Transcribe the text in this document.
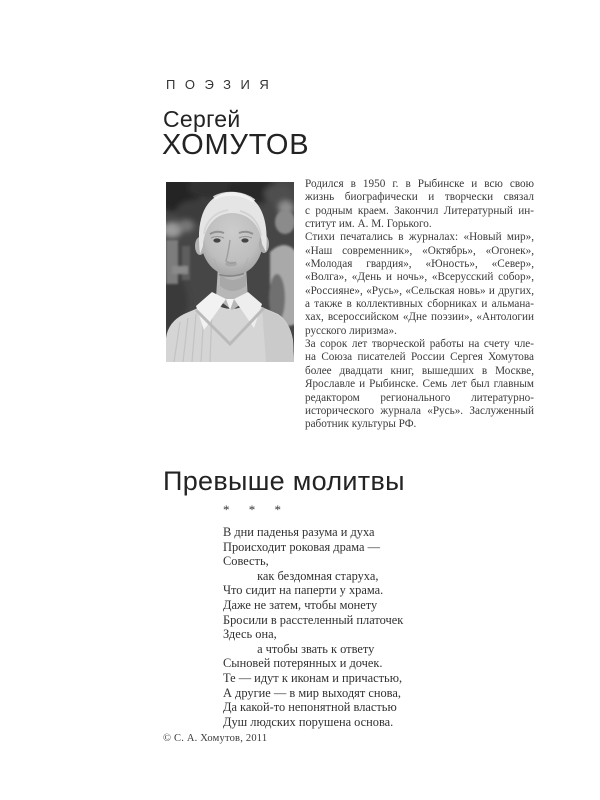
ПОЭЗИЯ
Сергей
ХОМУТОВ
Родился в 1950 г. в Рыбинске и всю свою
жизнь биографически и творчески связал
с родным краем. Закончил Литературный ин-
ститут им. А. М. Горького.
Стихи печатались в журналах: «Новый мир»,
«Наш современник», «Октябрь», «Огонек»,
«Молодая гвардия», «Юность», «Север»,
«Волга», «День и ночь», «Всерусский собор»,
«Россияне», «Русь», «Сельская новь» и других,
а также в коллективных сборниках и альмана-
хах, всероссийском «Дне поэзии», «Антологии
русского лиризма».
За сорок лет творческой работы на счету чле-
на Союза писателей России Сергея Хомутова
более двадцати книг, вышедших в Москве,
Ярославле и Рыбинске. Семь лет был главным
редактором регионального литературно-
исторического журнала «Русь». Заслуженный
работник культуры РФ.
Превыше молитвы
* * *
В дни паденья разума и духа
Происходит роковая драма —
Совесть,
как бездомная старуха,
Что сидит на паперти у храма.
Даже не затем, чтобы монету
Бросили в расстеленный платочек
Здесь она,
а чтобы звать к ответу
Сыновей потерянных и дочек.
Те — идут к иконам и причастью,
А другие — в мир выходят снова,
Да какой-то непонятной властью
Душ людских порушена основа.
© С. А. Хомутов, 2011
